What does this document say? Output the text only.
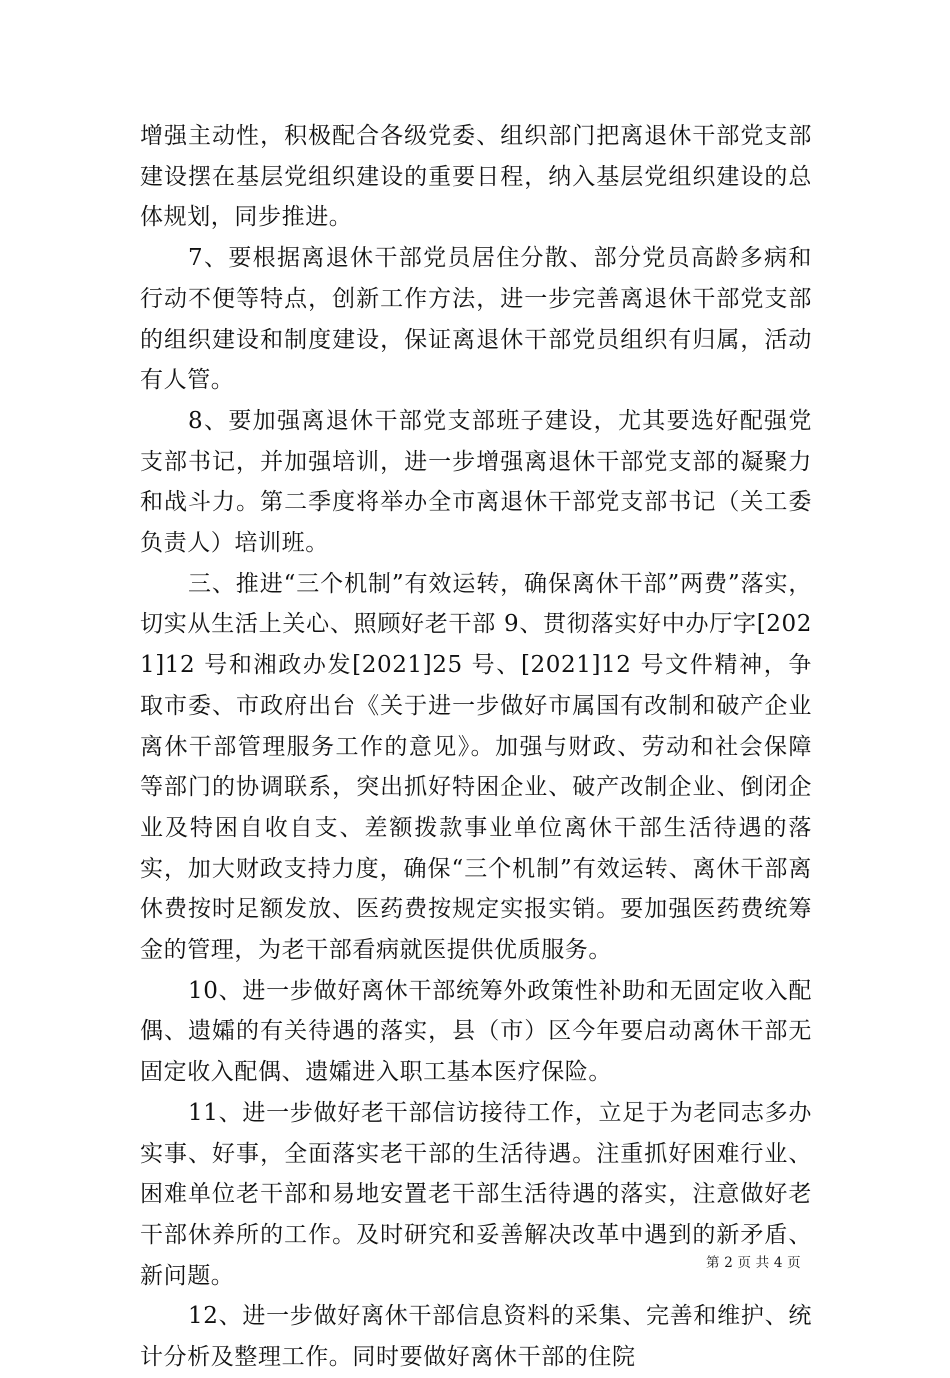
增强主动性，积极配合各级党委、组织部门把离退休干部党支部建设摆在基层党组织建设的重要日程，纳入基层党组织建设的总体规划，同步推进。

7、要根据离退休干部党员居住分散、部分党员高龄多病和行动不便等特点，创新工作方法，进一步完善离退休干部党支部的组织建设和制度建设，保证离退休干部党员组织有归属，活动有人管。

8、要加强离退休干部党支部班子建设，尤其要选好配强党支部书记，并加强培训，进一步增强离退休干部党支部的凝聚力和战斗力。第二季度将举办全市离退休干部党支部书记（关工委负责人）培训班。

三、推进“三个机制”有效运转，确保离休干部”两费”落实，切实从生活上关心、照顾好老干部 9、贯彻落实好中办厅字[2021]12 号和湘政办发[2021]25 号、[2021]12 号文件精神，争取市委、市政府出台《关于进一步做好市属国有改制和破产企业离休干部管理服务工作的意见》。加强与财政、劳动和社会保障等部门的协调联系，突出抓好特困企业、破产改制企业、倒闭企业及特困自收自支、差额拨款事业单位离休干部生活待遇的落实，加大财政支持力度，确保“三个机制”有效运转、离休干部离休费按时足额发放、医药费按规定实报实销。要加强医药费统筹金的管理，为老干部看病就医提供优质服务。

10、进一步做好离休干部统筹外政策性补助和无固定收入配偶、遗孀的有关待遇的落实，县（市）区今年要启动离休干部无固定收入配偶、遗孀进入职工基本医疗保险。

11、进一步做好老干部信访接待工作，立足于为老同志多办实事、好事，全面落实老干部的生活待遇。注重抓好困难行业、困难单位老干部和易地安置老干部生活待遇的落实，注意做好老干部休养所的工作。及时研究和妥善解决改革中遇到的新矛盾、新问题。

12、进一步做好离休干部信息资料的采集、完善和维护、统计分析及整理工作。同时要做好离休干部的住院

第 2 页 共 4 页
